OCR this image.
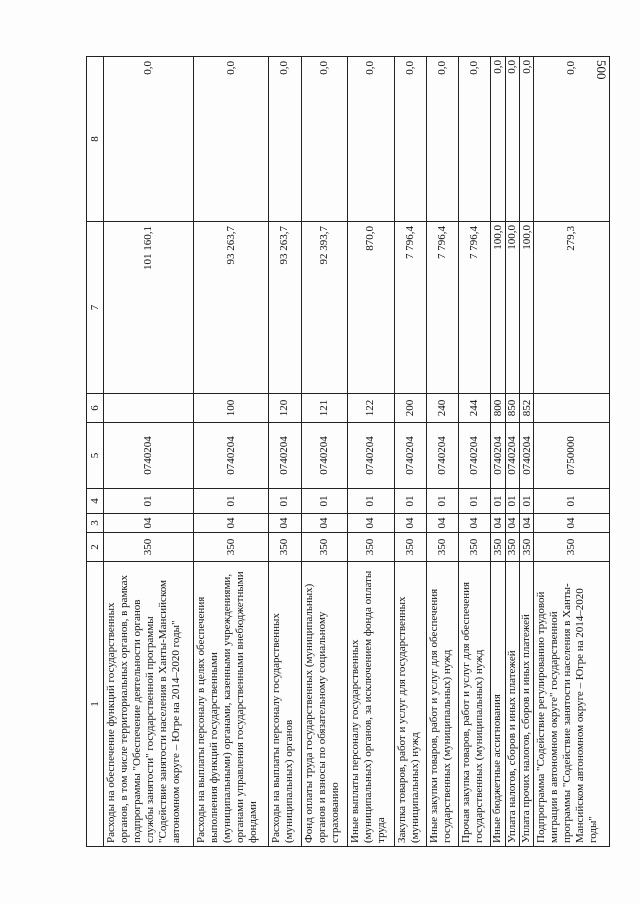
500
1	2	3	4	5	6	7	8
Расходы на обеспечение функций государственных органов, в том числе территориальных органов, в рамках подпрограммы "Обеспечение деятельности органов службы занятости" государственной программы "Содействие занятости населения в Ханты-Мансийском автономном округе – Югре на 2014–2020 годы"	350	04	01	0740204		101 160,1	0,0
Расходы на выплаты персоналу в целях обеспечения выполнения функций государственными (муниципальными) органами, казенными учреждениями, органами управления государственными внебюджетными фондами	350	04	01	0740204	100	93 263,7	0,0
Расходы на выплаты персоналу государственных (муниципальных) органов	350	04	01	0740204	120	93 263,7	0,0
Фонд оплаты труда государственных (муниципальных) органов и взносы по обязательному социальному страхованию	350	04	01	0740204	121	92 393,7	0,0
Иные выплаты персоналу государственных (муниципальных) органов, за исключением фонда оплаты труда	350	04	01	0740204	122	870,0	0,0
Закупка товаров, работ и услуг для государственных (муниципальных) нужд	350	04	01	0740204	200	7 796,4	0,0
Иные закупки товаров, работ и услуг для обеспечения государственных (муниципальных) нужд	350	04	01	0740204	240	7 796,4	0,0
Прочая закупка товаров, работ и услуг для обеспечения государственных (муниципальных) нужд	350	04	01	0740204	244	7 796,4	0,0
Иные бюджетные ассигнования	350	04	01	0740204	800	100,0	0,0
Уплата налогов, сборов и иных платежей	350	04	01	0740204	850	100,0	0,0
Уплата прочих налогов, сборов и иных платежей	350	04	01	0740204	852	100,0	0,0
Подпрограмма "Содействие регулированию трудовой миграции в автономном округе" государственной программы "Содействие занятости населения в Ханты-Мансийском автономном округе – Югре на 2014–2020 годы"	350	04	01	0750000		279,3	0,0
